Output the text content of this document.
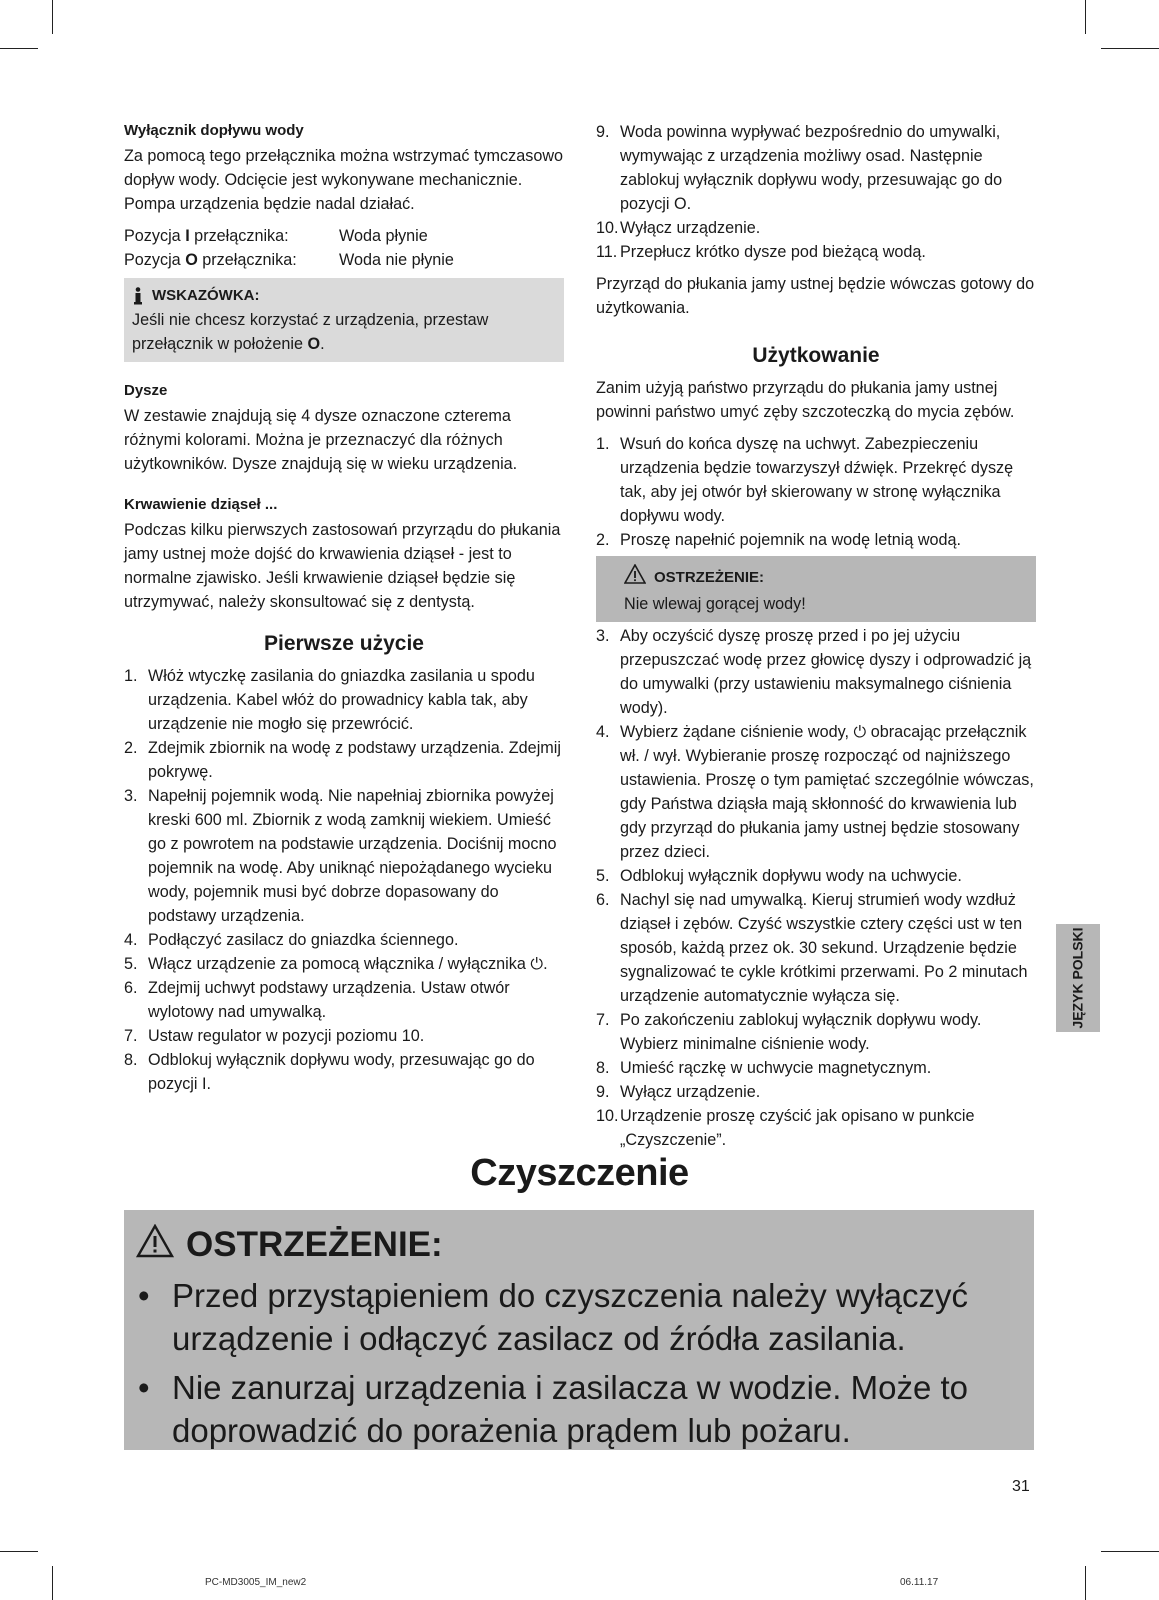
Wyłącznik dopływu wody

Za pomocą tego przełącznika można wstrzymać tymczasowo dopływ wody. Odcięcie jest wykonywane mechanicznie. Pompa urządzenia będzie nadal działać.

Pozycja I przełącznika:	Woda płynie
Pozycja O przełącznika:	Woda nie płynie
WSKAZÓWKA:
Jeśli nie chcesz korzystać z urządzenia, przestaw przełącznik w położenie O.
Dysze

W zestawie znajdują się 4 dysze oznaczone czterema różnymi kolorami. Można je przeznaczyć dla różnych użytkowników. Dysze znajdują się w wieku urządzenia.

Krwawienie dziąseł ...

Podczas kilku pierwszych zastosowań przyrządu do płukania jamy ustnej może dojść do krwawienia dziąseł - jest to normalne zjawisko. Jeśli krwawienie dziąseł będzie się utrzymywać, należy skonsultować się z dentystą.

Pierwsze użycie
1. Włóż wtyczkę zasilania do gniazdka zasilania u spodu urządzenia. Kabel włóż do prowadnicy kabla tak, aby urządzenie nie mogło się przewrócić.
2. Zdejmik zbiornik na wodę z podstawy urządzenia. Zdejmij pokrywę.
3. Napełnij pojemnik wodą. Nie napełniaj zbiornika powyżej kreski 600 ml. Zbiornik z wodą zamknij wiekiem. Umieść go z powrotem na podstawie urządzenia. Dociśnij mocno pojemnik na wodę. Aby uniknąć niepożądanego wycieku wody, pojemnik musi być dobrze dopasowany do podstawy urządzenia.
4. Podłączyć zasilacz do gniazdka ściennego.
5. Włącz urządzenie za pomocą włącznika / wyłącznika ⏻.
6. Zdejmij uchwyt podstawy urządzenia. Ustaw otwór wylotowy nad umywalką.
7. Ustaw regulator w pozycji poziomu 10.
8. Odblokuj wyłącznik dopływu wody, przesuwając go do pozycji I.
9. Woda powinna wypływać bezpośrednio do umywalki, wymywając z urządzenia możliwy osad. Następnie zablokuj wyłącznik dopływu wody, przesuwając go do pozycji O.
10. Wyłącz urządzenie.
11. Przepłucz krótko dysze pod bieżącą wodą.

Przyrząd do płukania jamy ustnej będzie wówczas gotowy do użytkowania.

Użytkowanie

Zanim użyją państwo przyrządu do płukania jamy ustnej powinni państwo umyć zęby szczoteczką do mycia zębów.

1. Wsuń do końca dyszę na uchwyt. Zabezpieczeniu urządzenia będzie towarzyszył dźwięk. Przekręć dyszę tak, aby jej otwór był skierowany w stronę wyłącznika dopływu wody.
2. Proszę napełnić pojemnik na wodę letnią wodą.
OSTRZEŻENIE:
Nie wlewaj gorącej wody!
3. Aby oczyścić dyszę proszę przed i po jej użyciu przepuszczać wodę przez głowicę dyszy i odprowadzić ją do umywalki (przy ustawieniu maksymalnego ciśnienia wody).
4. Wybierz żądane ciśnienie wody, ⏻ obracając przełącznik wł. / wył. Wybieranie proszę rozpocząć od najniższego ustawienia. Proszę o tym pamiętać szczególnie wówczas, gdy Państwa dziąsła mają skłonność do krwawienia lub gdy przyrząd do płukania jamy ustnej będzie stosowany przez dzieci.
5. Odblokuj wyłącznik dopływu wody na uchwycie.
6. Nachyl się nad umywalką. Kieruj strumień wody wzdłuż dziąseł i zębów. Czyść wszystkie cztery części ust w ten sposób, każdą przez ok. 30 sekund. Urządzenie będzie sygnalizować te cykle krótkimi przerwami. Po 2 minutach urządzenie automatycznie wyłącza się.
7. Po zakończeniu zablokuj wyłącznik dopływu wody. Wybierz minimalne ciśnienie wody.
8. Umieść rączkę w uchwycie magnetycznym.
9. Wyłącz urządzenie.
10. Urządzenie proszę czyścić jak opisano w punkcie „Czyszczenie”.
Czyszczenie
OSTRZEŻENIE:
• Przed przystąpieniem do czyszczenia należy wyłączyć urządzenie i odłączyć zasilacz od źródła zasilania.
• Nie zanurzaj urządzenia i zasilacza w wodzie. Może to doprowadzić do porażenia prądem lub pożaru.
JĘZYK POLSKI
31
PC-MD3005_IM_new2	06.11.17
